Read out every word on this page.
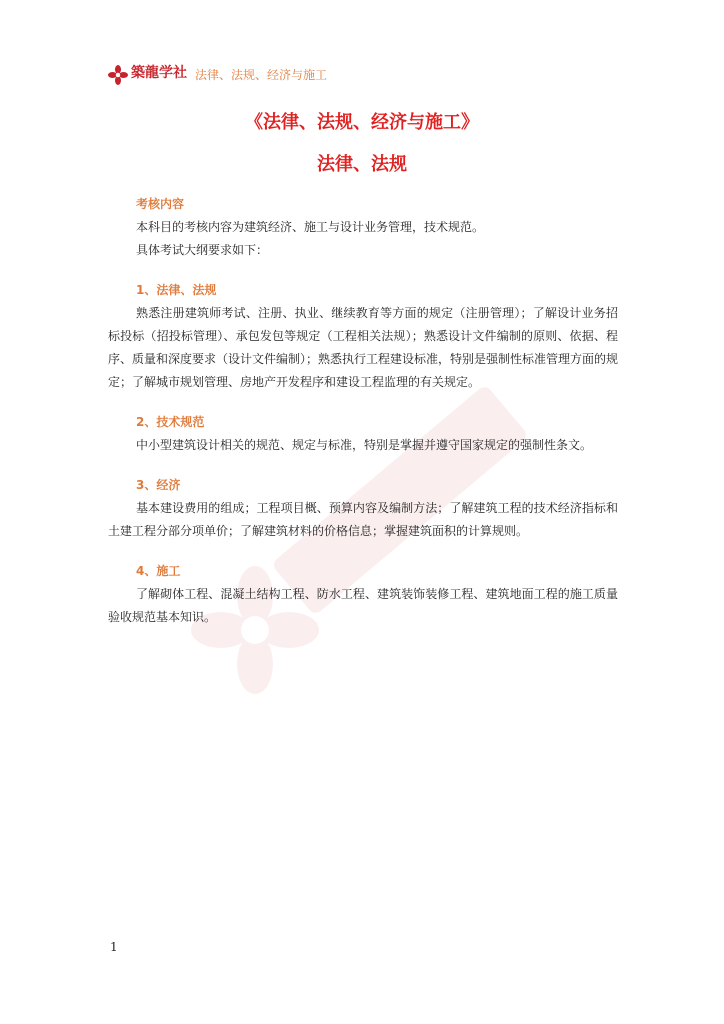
築龍学社 法律、法规、经济与施工
《法律、法规、经济与施工》
法律、法规
考核内容

本科目的考核内容为建筑经济、施工与设计业务管理，技术规范。

具体考试大纲要求如下：

1、法律、法规

熟悉注册建筑师考试、注册、执业、继续教育等方面的规定（注册管理）；了解设计业务招标投标（招投标管理）、承包发包等规定（工程相关法规）；熟悉设计文件编制的原则、依据、程序、质量和深度要求（设计文件编制）；熟悉执行工程建设标准，特别是强制性标准管理方面的规定；了解城市规划管理、房地产开发程序和建设工程监理的有关规定。

2、技术规范

中小型建筑设计相关的规范、规定与标准，特别是掌握并遵守国家规定的强制性条文。

3、经济

基本建设费用的组成；工程项目概、预算内容及编制方法；了解建筑工程的技术经济指标和土建工程分部分项单价；了解建筑材料的价格信息；掌握建筑面积的计算规则。

4、施工

了解砌体工程、混凝土结构工程、防水工程、建筑装饰装修工程、建筑地面工程的施工质量验收规范基本知识。

1
